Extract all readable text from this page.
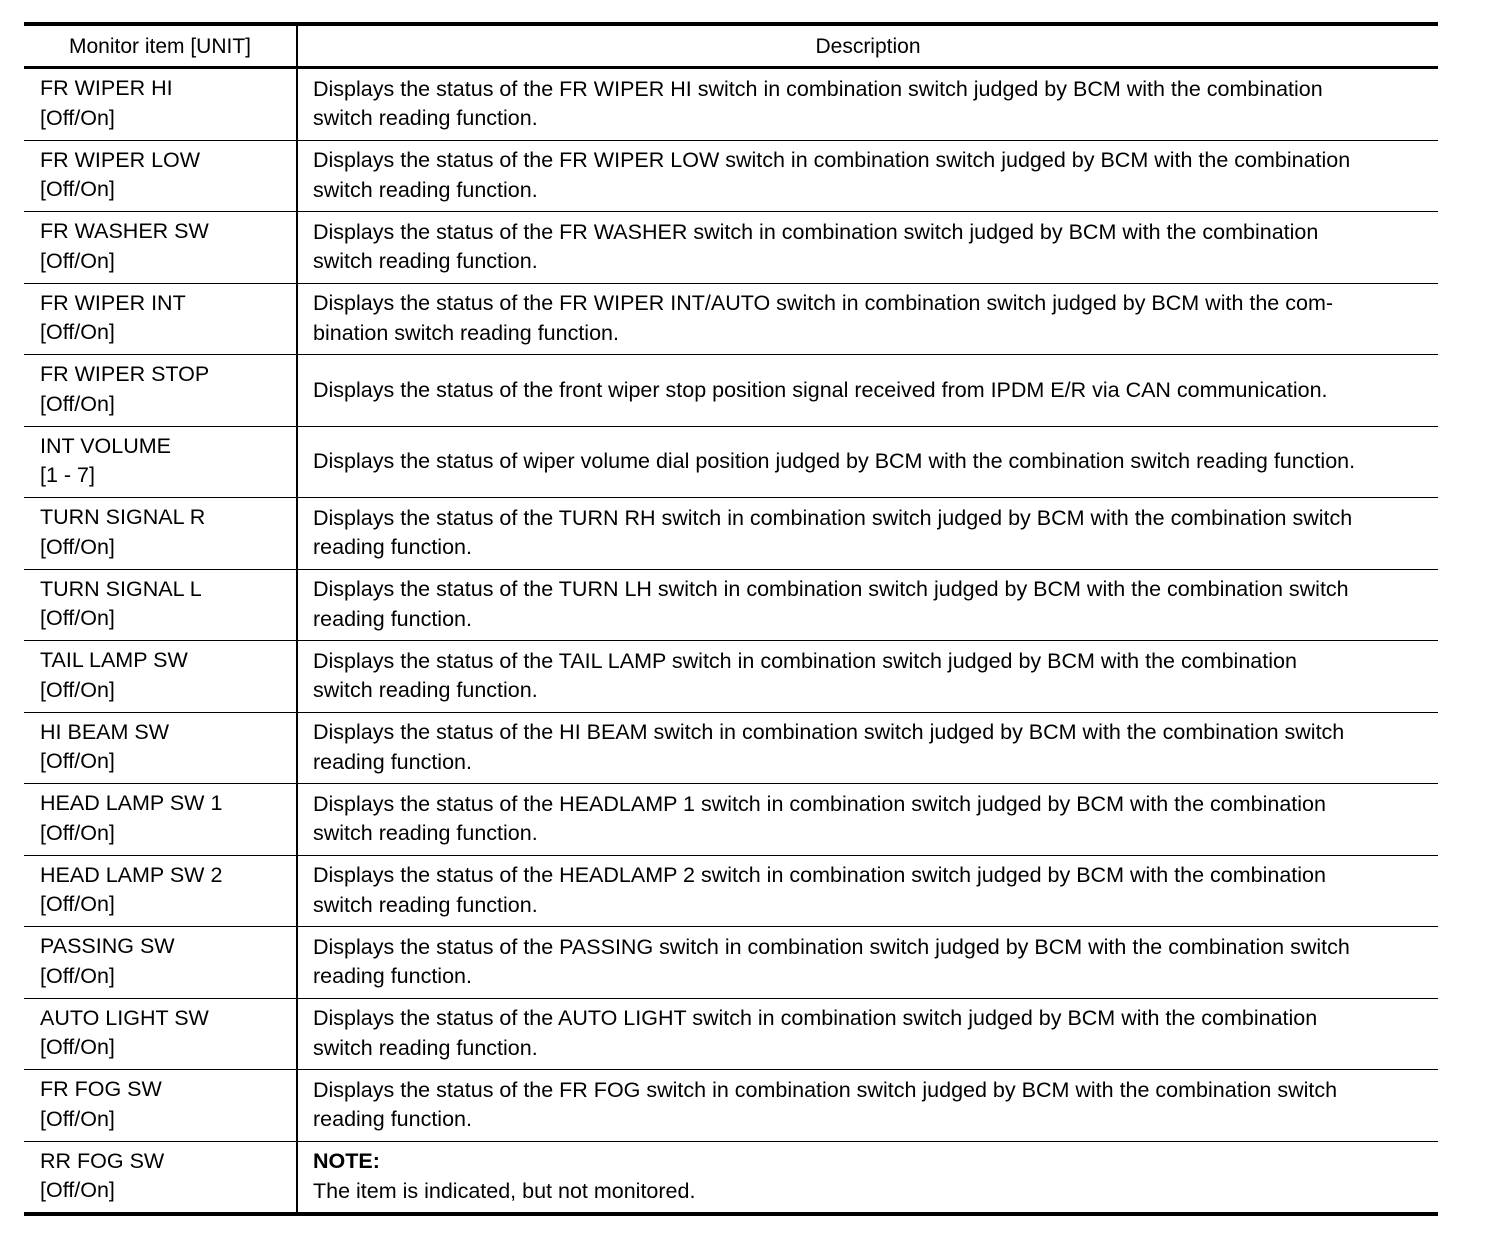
Monitor item [UNIT]	Description

FR WIPER HI
[Off/On]	Displays the status of the FR WIPER HI switch in combination switch judged by BCM with the combination
switch reading function.

FR WIPER LOW
[Off/On]	Displays the status of the FR WIPER LOW switch in combination switch judged by BCM with the combination
switch reading function.

FR WASHER SW
[Off/On]	Displays the status of the FR WASHER switch in combination switch judged by BCM with the combination
switch reading function.

FR WIPER INT
[Off/On]	Displays the status of the FR WIPER INT/AUTO switch in combination switch judged by BCM with the com-
bination switch reading function.

FR WIPER STOP
[Off/On]	Displays the status of the front wiper stop position signal received from IPDM E/R via CAN communication.

INT VOLUME
[1 - 7]	Displays the status of wiper volume dial position judged by BCM with the combination switch reading function.

TURN SIGNAL R
[Off/On]	Displays the status of the TURN RH switch in combination switch judged by BCM with the combination switch
reading function.

TURN SIGNAL L
[Off/On]	Displays the status of the TURN LH switch in combination switch judged by BCM with the combination switch
reading function.

TAIL LAMP SW
[Off/On]	Displays the status of the TAIL LAMP switch in combination switch judged by BCM with the combination
switch reading function.

HI BEAM SW
[Off/On]	Displays the status of the HI BEAM switch in combination switch judged by BCM with the combination switch
reading function.

HEAD LAMP SW 1
[Off/On]	Displays the status of the HEADLAMP 1 switch in combination switch judged by BCM with the combination
switch reading function.

HEAD LAMP SW 2
[Off/On]	Displays the status of the HEADLAMP 2 switch in combination switch judged by BCM with the combination
switch reading function.

PASSING SW
[Off/On]	Displays the status of the PASSING switch in combination switch judged by BCM with the combination switch
reading function.

AUTO LIGHT SW
[Off/On]	Displays the status of the AUTO LIGHT switch in combination switch judged by BCM with the combination
switch reading function.

FR FOG SW
[Off/On]	Displays the status of the FR FOG switch in combination switch judged by BCM with the combination switch
reading function.

RR FOG SW
[Off/On]	NOTE:
The item is indicated, but not monitored.
